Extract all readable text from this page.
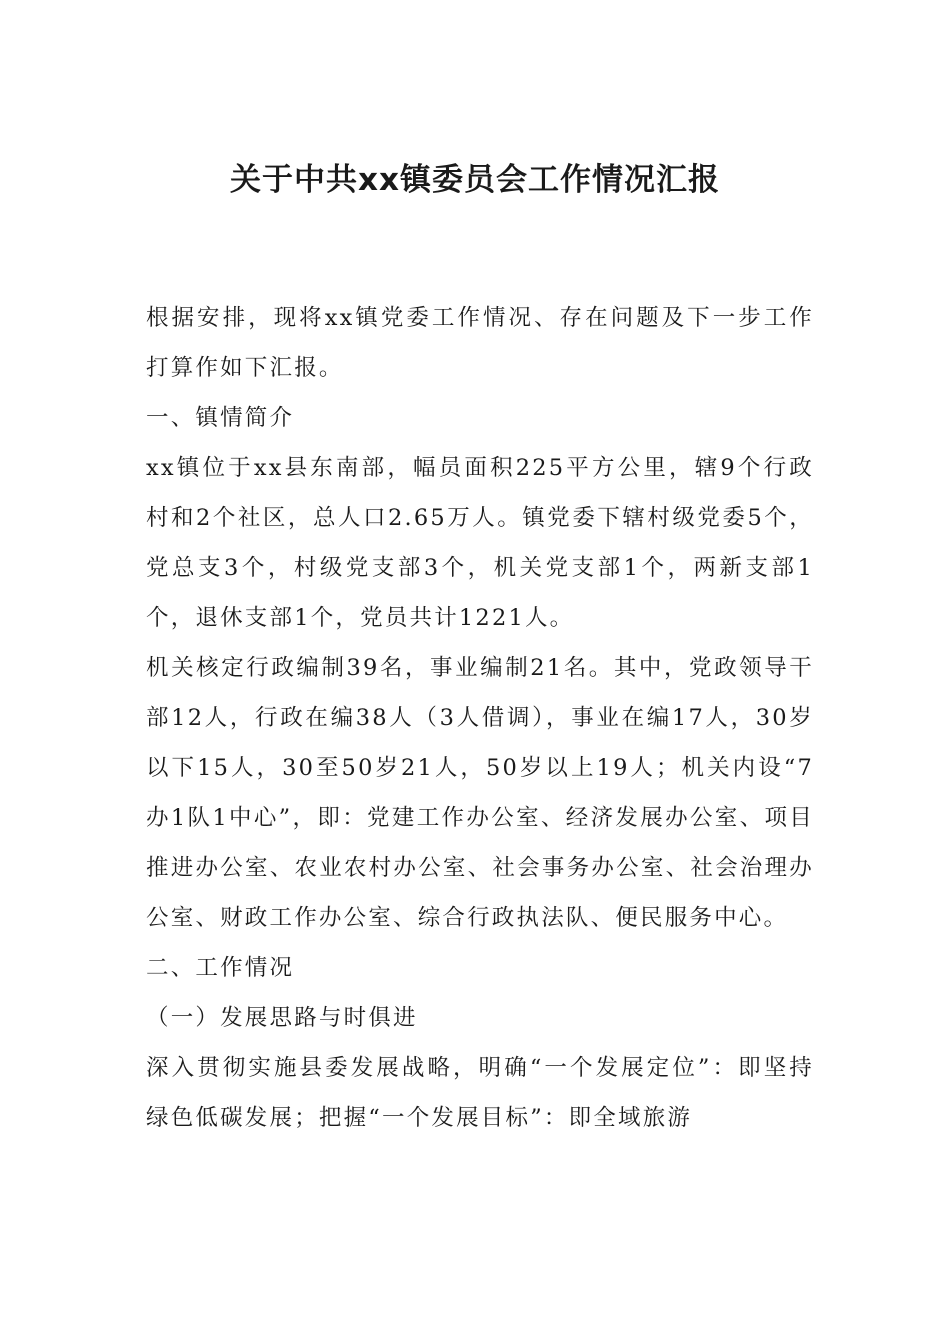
关于中共xx镇委员会工作情况汇报

根据安排，现将xx镇党委工作情况、存在问题及下一步工作打算作如下汇报。

一、镇情简介

xx镇位于xx县东南部，幅员面积225平方公里，辖9个行政村和2个社区，总人口2.65万人。镇党委下辖村级党委5个，党总支3个，村级党支部3个，机关党支部1个，两新支部1个，退休支部1个，党员共计1221人。

机关核定行政编制39名，事业编制21名。其中，党政领导干部12人，行政在编38人（3人借调），事业在编17人，30岁以下15人，30至50岁21人，50岁以上19人；机关内设“7办1队1中心”，即：党建工作办公室、经济发展办公室、项目推进办公室、农业农村办公室、社会事务办公室、社会治理办公室、财政工作办公室、综合行政执法队、便民服务中心。

二、工作情况

（一）发展思路与时俱进

深入贯彻实施县委发展战略，明确“一个发展定位”：即坚持绿色低碳发展；把握“一个发展目标”：即全域旅游
